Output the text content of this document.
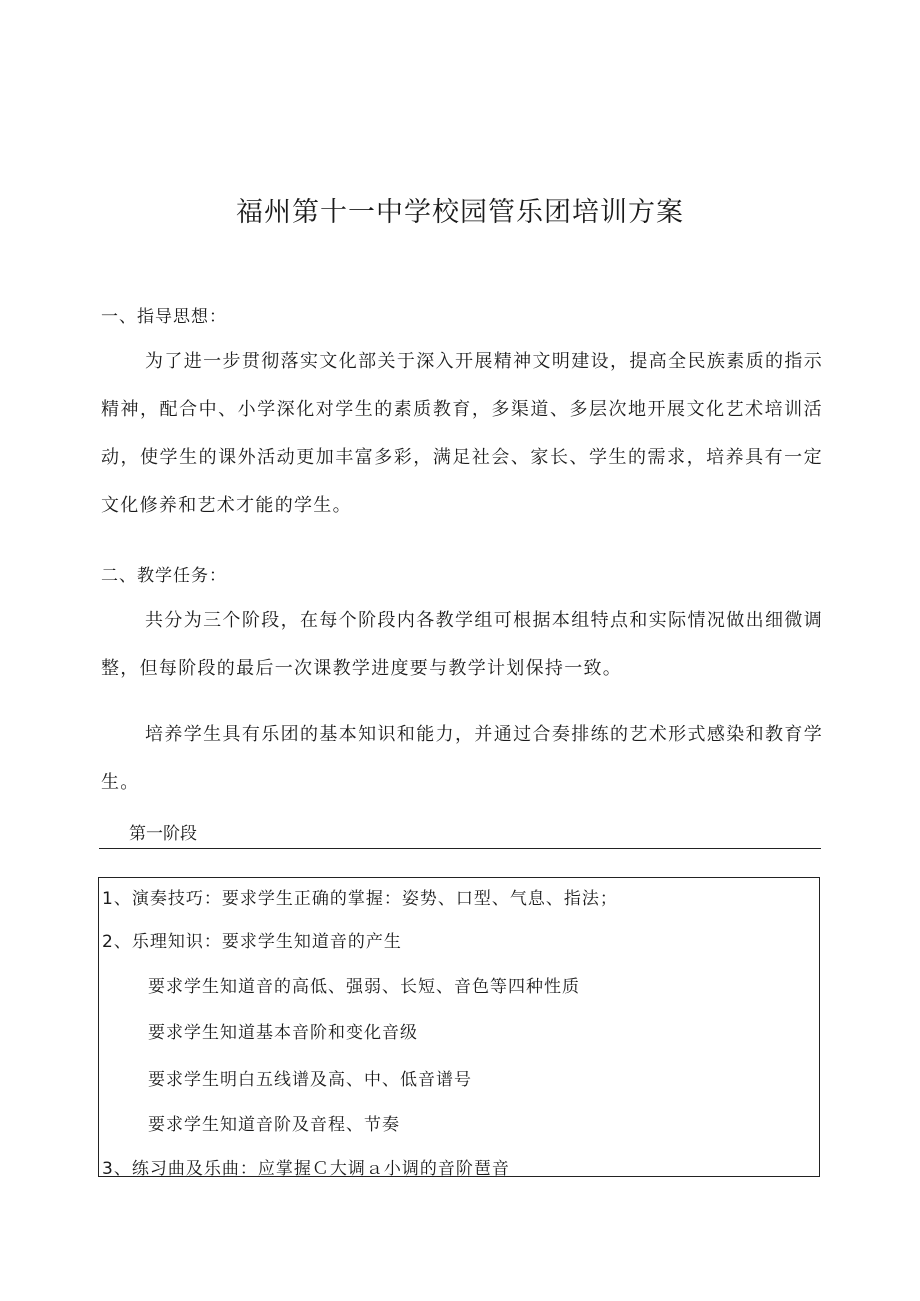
福州第十一中学校园管乐团培训方案
一、指导思想：
为了进一步贯彻落实文化部关于深入开展精神文明建设，提高全民族素质的指示精神，配合中、小学深化对学生的素质教育，多渠道、多层次地开展文化艺术培训活动，使学生的课外活动更加丰富多彩，满足社会、家长、学生的需求，培养具有一定文化修养和艺术才能的学生。
二、教学任务：
共分为三个阶段，在每个阶段内各教学组可根据本组特点和实际情况做出细微调整，但每阶段的最后一次课教学进度要与教学计划保持一致。
培养学生具有乐团的基本知识和能力，并通过合奏排练的艺术形式感染和教育学生。
第一阶段
1、演奏技巧：要求学生正确的掌握：姿势、口型、气息、指法；
2、乐理知识：要求学生知道音的产生
要求学生知道音的高低、强弱、长短、音色等四种性质
要求学生知道基本音阶和变化音级
要求学生明白五线谱及高、中、低音谱号
要求学生知道音阶及音程、节奏
3、练习曲及乐曲：应掌握Ｃ大调ａ小调的音阶琶音
